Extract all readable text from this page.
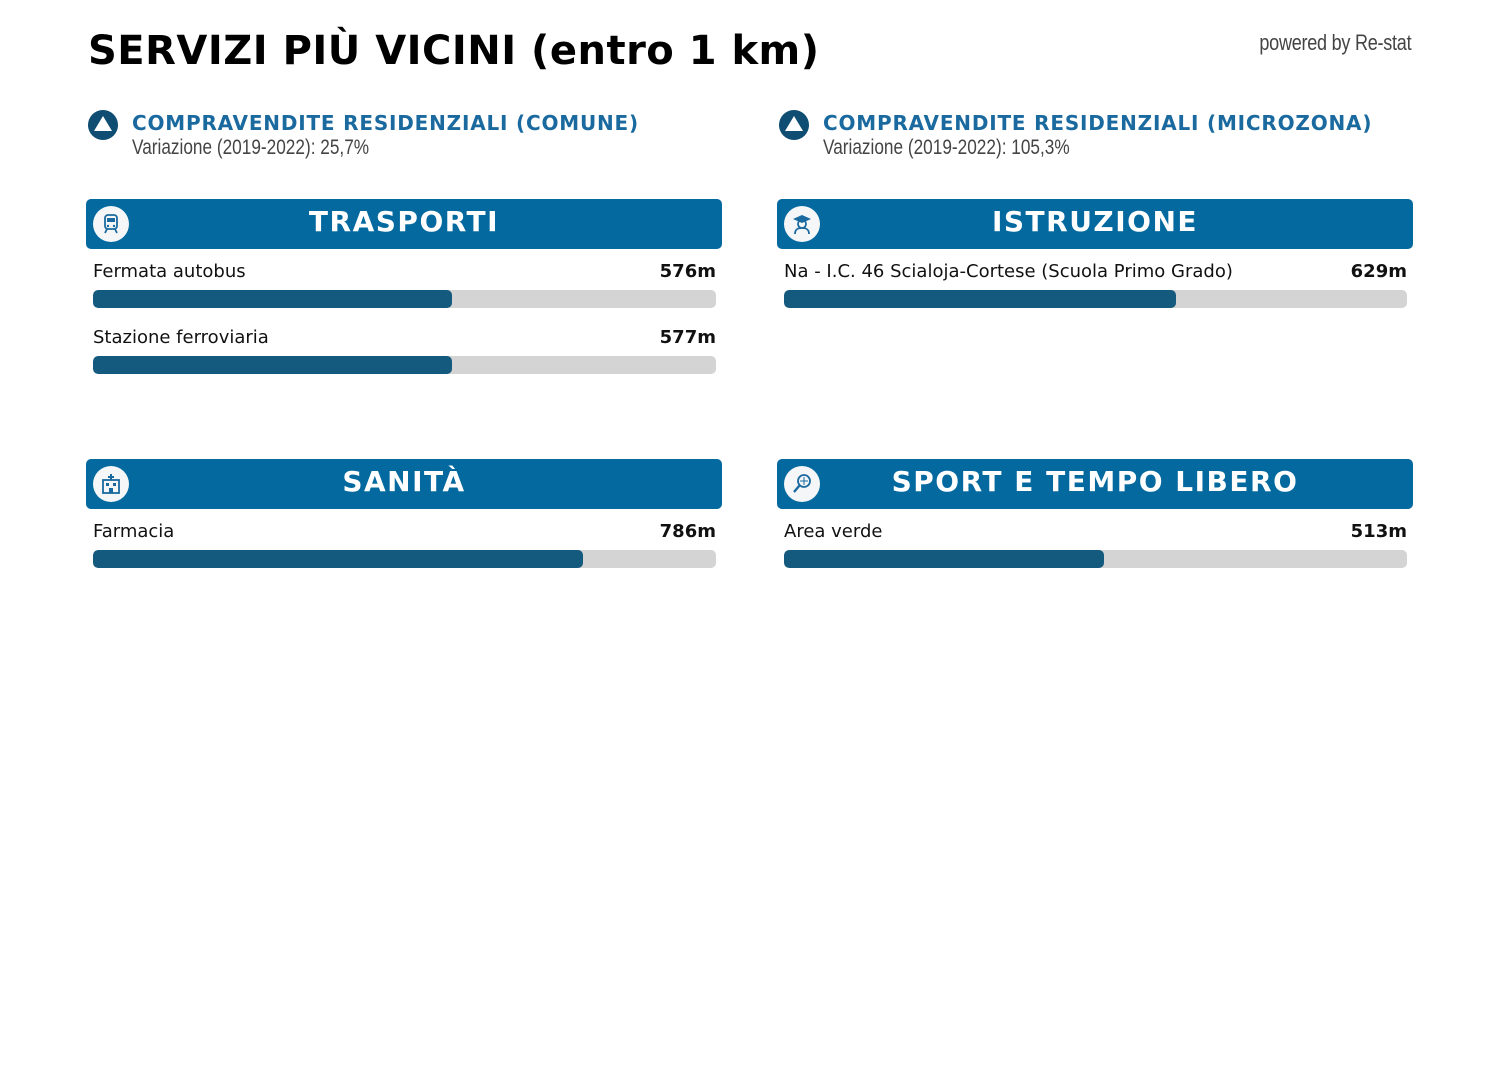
SERVIZI PIÙ VICINI (entro 1 km)	powered by Re-stat
COMPRAVENDITE RESIDENZIALI (COMUNE)
Variazione (2019-2022): 25,7%
COMPRAVENDITE RESIDENZIALI (MICROZONA)
Variazione (2019-2022): 105,3%
TRASPORTI
Fermata autobus	576m
Stazione ferroviaria	577m
ISTRUZIONE
Na - I.C. 46 Scialoja-Cortese (Scuola Primo Grado)	629m
SANITÀ
Farmacia	786m
SPORT E TEMPO LIBERO
Area verde	513m
